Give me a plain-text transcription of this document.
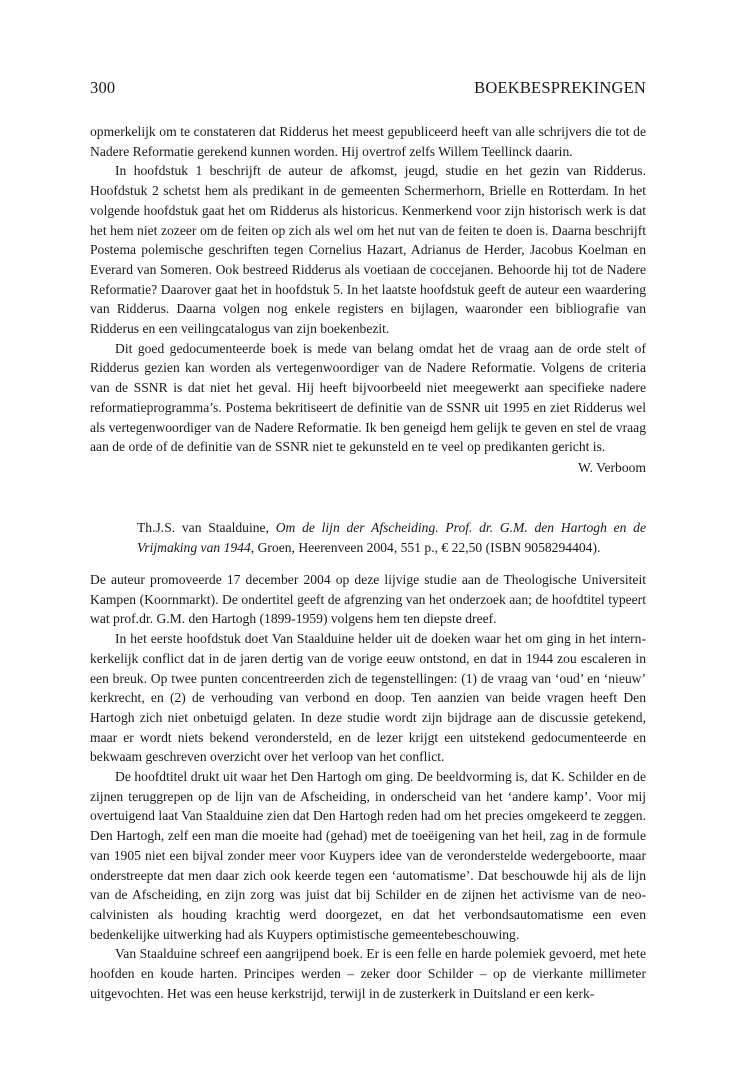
300	BOEKBESPREKINGEN

opmerkelijk om te constateren dat Ridderus het meest gepubliceerd heeft van alle schrijvers die tot de Nadere Reformatie gerekend kunnen worden. Hij overtrof zelfs Willem Teellinck daarin.

In hoofdstuk 1 beschrijft de auteur de afkomst, jeugd, studie en het gezin van Ridderus. Hoofdstuk 2 schetst hem als predikant in de gemeenten Schermerhorn, Brielle en Rotterdam. In het volgende hoofdstuk gaat het om Ridderus als historicus. Kenmerkend voor zijn historisch werk is dat het hem niet zozeer om de feiten op zich als wel om het nut van de feiten te doen is. Daarna beschrijft Postema polemische geschriften tegen Cornelius Hazart, Adrianus de Herder, Jacobus Koelman en Everard van Someren. Ook bestreed Ridderus als voetiaan de coccejanen. Behoorde hij tot de Nadere Reformatie? Daarover gaat het in hoofdstuk 5. In het laatste hoofdstuk geeft de auteur een waardering van Ridderus. Daarna volgen nog enkele registers en bijlagen, waaronder een bibliografie van Ridderus en een veilingcatalogus van zijn boekenbezit.

Dit goed gedocumenteerde boek is mede van belang omdat het de vraag aan de orde stelt of Ridderus gezien kan worden als vertegenwoordiger van de Nadere Reformatie. Volgens de criteria van de SSNR is dat niet het geval. Hij heeft bijvoorbeeld niet meegewerkt aan specifieke nadere reformatieprogramma’s. Postema bekritiseert de definitie van de SSNR uit 1995 en ziet Ridderus wel als vertegenwoordiger van de Nadere Reformatie. Ik ben geneigd hem gelijk te geven en stel de vraag aan de orde of de definitie van de SSNR niet te gekunsteld en te veel op predikanten gericht is.

W. Verboom
Th.J.S. van Staalduine, Om de lijn der Afscheiding. Prof. dr. G.M. den Hartogh en de Vrijmaking van 1944, Groen, Heerenveen 2004, 551 p., € 22,50 (ISBN 9058294404).

De auteur promoveerde 17 december 2004 op deze lijvige studie aan de Theologische Universiteit Kampen (Koornmarkt). De ondertitel geeft de afgrenzing van het onderzoek aan; de hoofdtitel typeert wat prof.dr. G.M. den Hartogh (1899-1959) volgens hem ten diepste dreef.

In het eerste hoofdstuk doet Van Staalduine helder uit de doeken waar het om ging in het intern-kerkelijk conflict dat in de jaren dertig van de vorige eeuw ontstond, en dat in 1944 zou escaleren in een breuk. Op twee punten concentreerden zich de tegenstellingen: (1) de vraag van ‘oud’ en ‘nieuw’ kerkrecht, en (2) de verhouding van verbond en doop. Ten aanzien van beide vragen heeft Den Hartogh zich niet onbetuigd gelaten. In deze studie wordt zijn bijdrage aan de discussie getekend, maar er wordt niets bekend verondersteld, en de lezer krijgt een uitstekend gedocumenteerde en bekwaam geschreven overzicht over het verloop van het conflict.

De hoofdtitel drukt uit waar het Den Hartogh om ging. De beeldvorming is, dat K. Schilder en de zijnen teruggrepen op de lijn van de Afscheiding, in onderscheid van het ‘andere kamp’. Voor mij overtuigend laat Van Staalduine zien dat Den Hartogh reden had om het precies omgekeerd te zeggen. Den Hartogh, zelf een man die moeite had (gehad) met de toeëigening van het heil, zag in de formule van 1905 niet een bijval zonder meer voor Kuypers idee van de veronderstelde wedergeboorte, maar onderstreepte dat men daar zich ook keerde tegen een ‘automatisme’. Dat beschouwde hij als de lijn van de Afscheiding, en zijn zorg was juist dat bij Schilder en de zijnen het activisme van de neo-calvinisten als houding krachtig werd doorgezet, en dat het verbondsautomatisme een even bedenkelijke uitwerking had als Kuypers optimistische gemeentebeschouwing.

Van Staalduine schreef een aangrijpend boek. Er is een felle en harde polemiek gevoerd, met hete hoofden en koude harten. Principes werden – zeker door Schilder – op de vierkante millimeter uitgevochten. Het was een heuse kerkstrijd, terwijl in de zusterkerk in Duitsland er een kerk-
